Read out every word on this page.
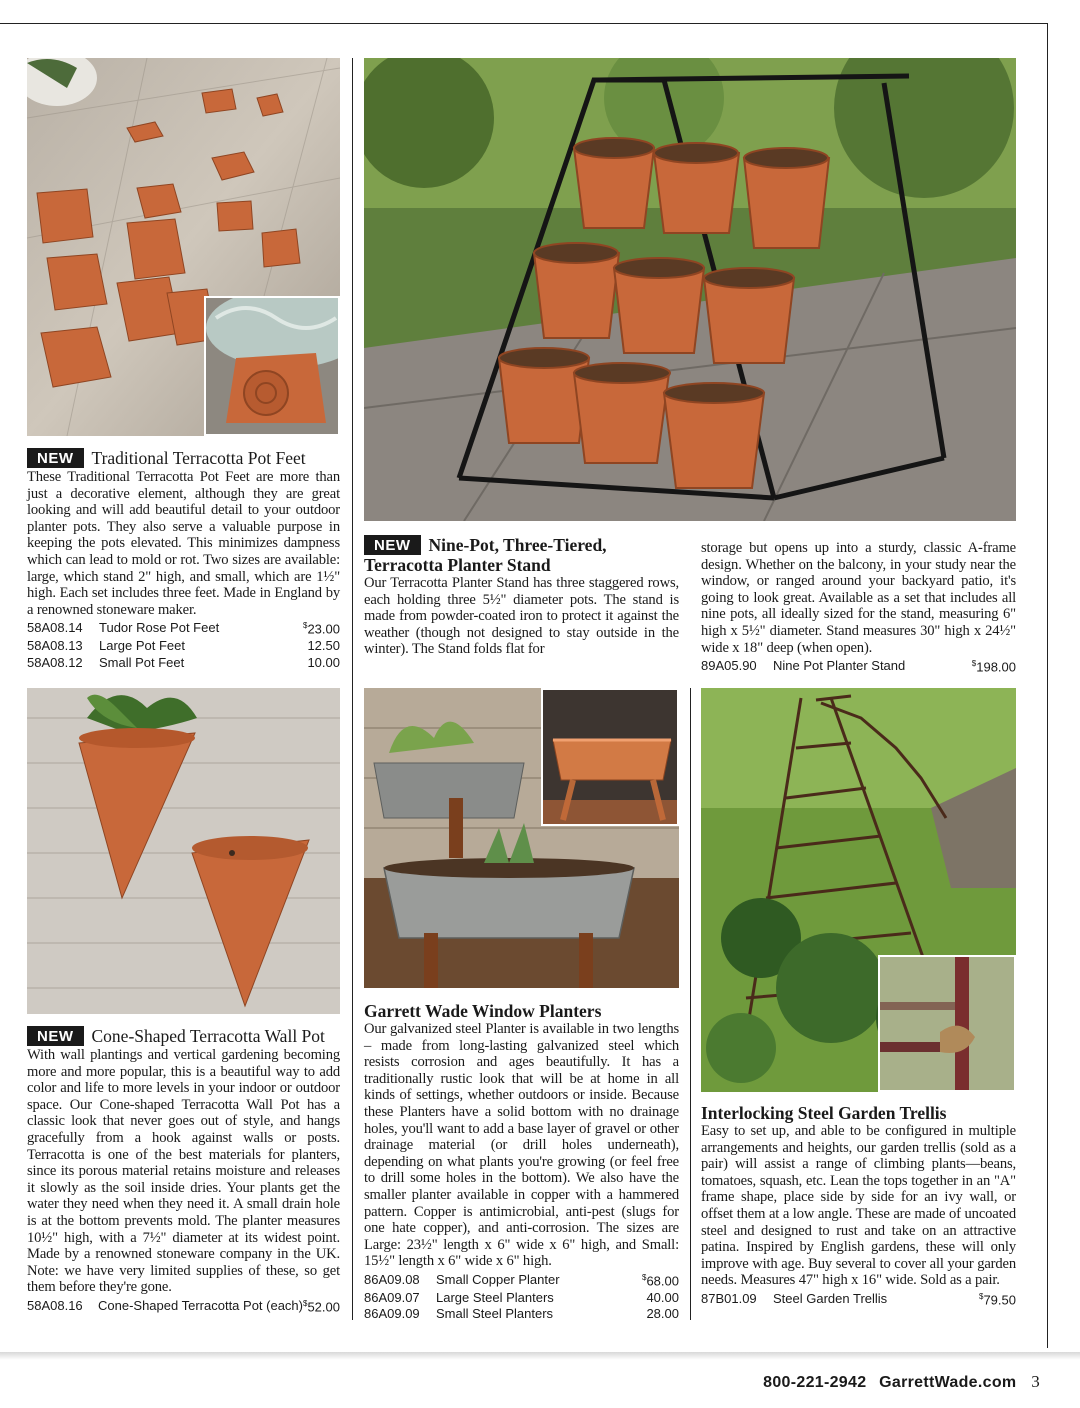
NEW	Traditional Terracotta Pot Feet

These Traditional Terracotta Pot Feet are more than just a decorative element, although they are great looking and will add beautiful detail to your outdoor planter pots. They also serve a valuable purpose in keeping the pots elevated. This minimizes dampness which can lead to mold or rot. Two sizes are available: large, which stand 2" high, and small, which are 1½" high. Each set includes three feet. Made in England by a renowned stoneware maker.

58A08.14	Tudor Rose Pot Feet	$23.00
58A08.13	Large Pot Feet	12.50
58A08.12	Small Pot Feet	10.00
NEW	Nine-Pot, Three-Tiered,
Terracotta Planter Stand

Our Terracotta Planter Stand has three staggered rows, each holding three 5½" diameter pots. The stand is made from powder-coated iron to protect it against the weather (though not designed to stay outside in the winter). The Stand folds flat for

storage but opens up into a sturdy, classic A-frame design. Whether on the balcony, in your study near the window, or ranged around your backyard patio, it's going to look great. Available as a set that includes all nine pots, all ideally sized for the stand, measuring 6" high x 5½" diameter. Stand measures 30" high x 24½" wide x 18" deep (when open).

89A05.90	Nine Pot Planter Stand	$198.00
NEW	Cone-Shaped Terracotta Wall Pot

With wall plantings and vertical gardening becoming more and more popular, this is a beautiful way to add color and life to more levels in your indoor or outdoor space. Our Cone-shaped Terracotta Wall Pot has a classic look that never goes out of style, and hangs gracefully from a hook against walls or posts. Terracotta is one of the best materials for planters, since its porous material retains moisture and releases it slowly as the soil inside dries. Your plants get the water they need when they need it. A small drain hole is at the bottom prevents mold. The planter measures 10½" high, with a 7½" diameter at its widest point. Made by a renowned stoneware company in the UK. Note: we have very limited supplies of these, so get them before they're gone.

58A08.16	Cone-Shaped Terracotta Pot (each)	$52.00
Garrett Wade Window Planters

Our galvanized steel Planter is available in two lengths – made from long-lasting galvanized steel which resists corrosion and ages beautifully. It has a traditionally rustic look that will be at home in all kinds of settings, whether outdoors or inside. Because these Planters have a solid bottom with no drainage holes, you'll want to add a base layer of gravel or other drainage material (or drill holes underneath), depending on what plants you're growing (or feel free to drill some holes in the bottom). We also have the smaller planter available in copper with a hammered pattern. Copper is antimicrobial, anti-pest (slugs for one hate copper), and anti-corrosion. The sizes are Large: 23½" length x 6" wide x 6" high, and Small: 15½" length x 6" wide x 6" high.

86A09.08	Small Copper Planter	$68.00
86A09.07	Large Steel Planters	40.00
86A09.09	Small Steel Planters	28.00
Interlocking Steel Garden Trellis

Easy to set up, and able to be configured in multiple arrangements and heights, our garden trellis (sold as a pair) will assist a range of climbing plants—beans, tomatoes, squash, etc. Lean the tops together in an "A" frame shape, place side by side for an ivy wall, or offset them at a low angle. These are made of uncoated steel and designed to rust and take on an attractive patina. Inspired by English gardens, these will only improve with age. Buy several to cover all your garden needs. Measures 47" high x 16" wide. Sold as a pair.

87B01.09	Steel Garden Trellis	$79.50
800-221-2942 GarrettWade.com 3
